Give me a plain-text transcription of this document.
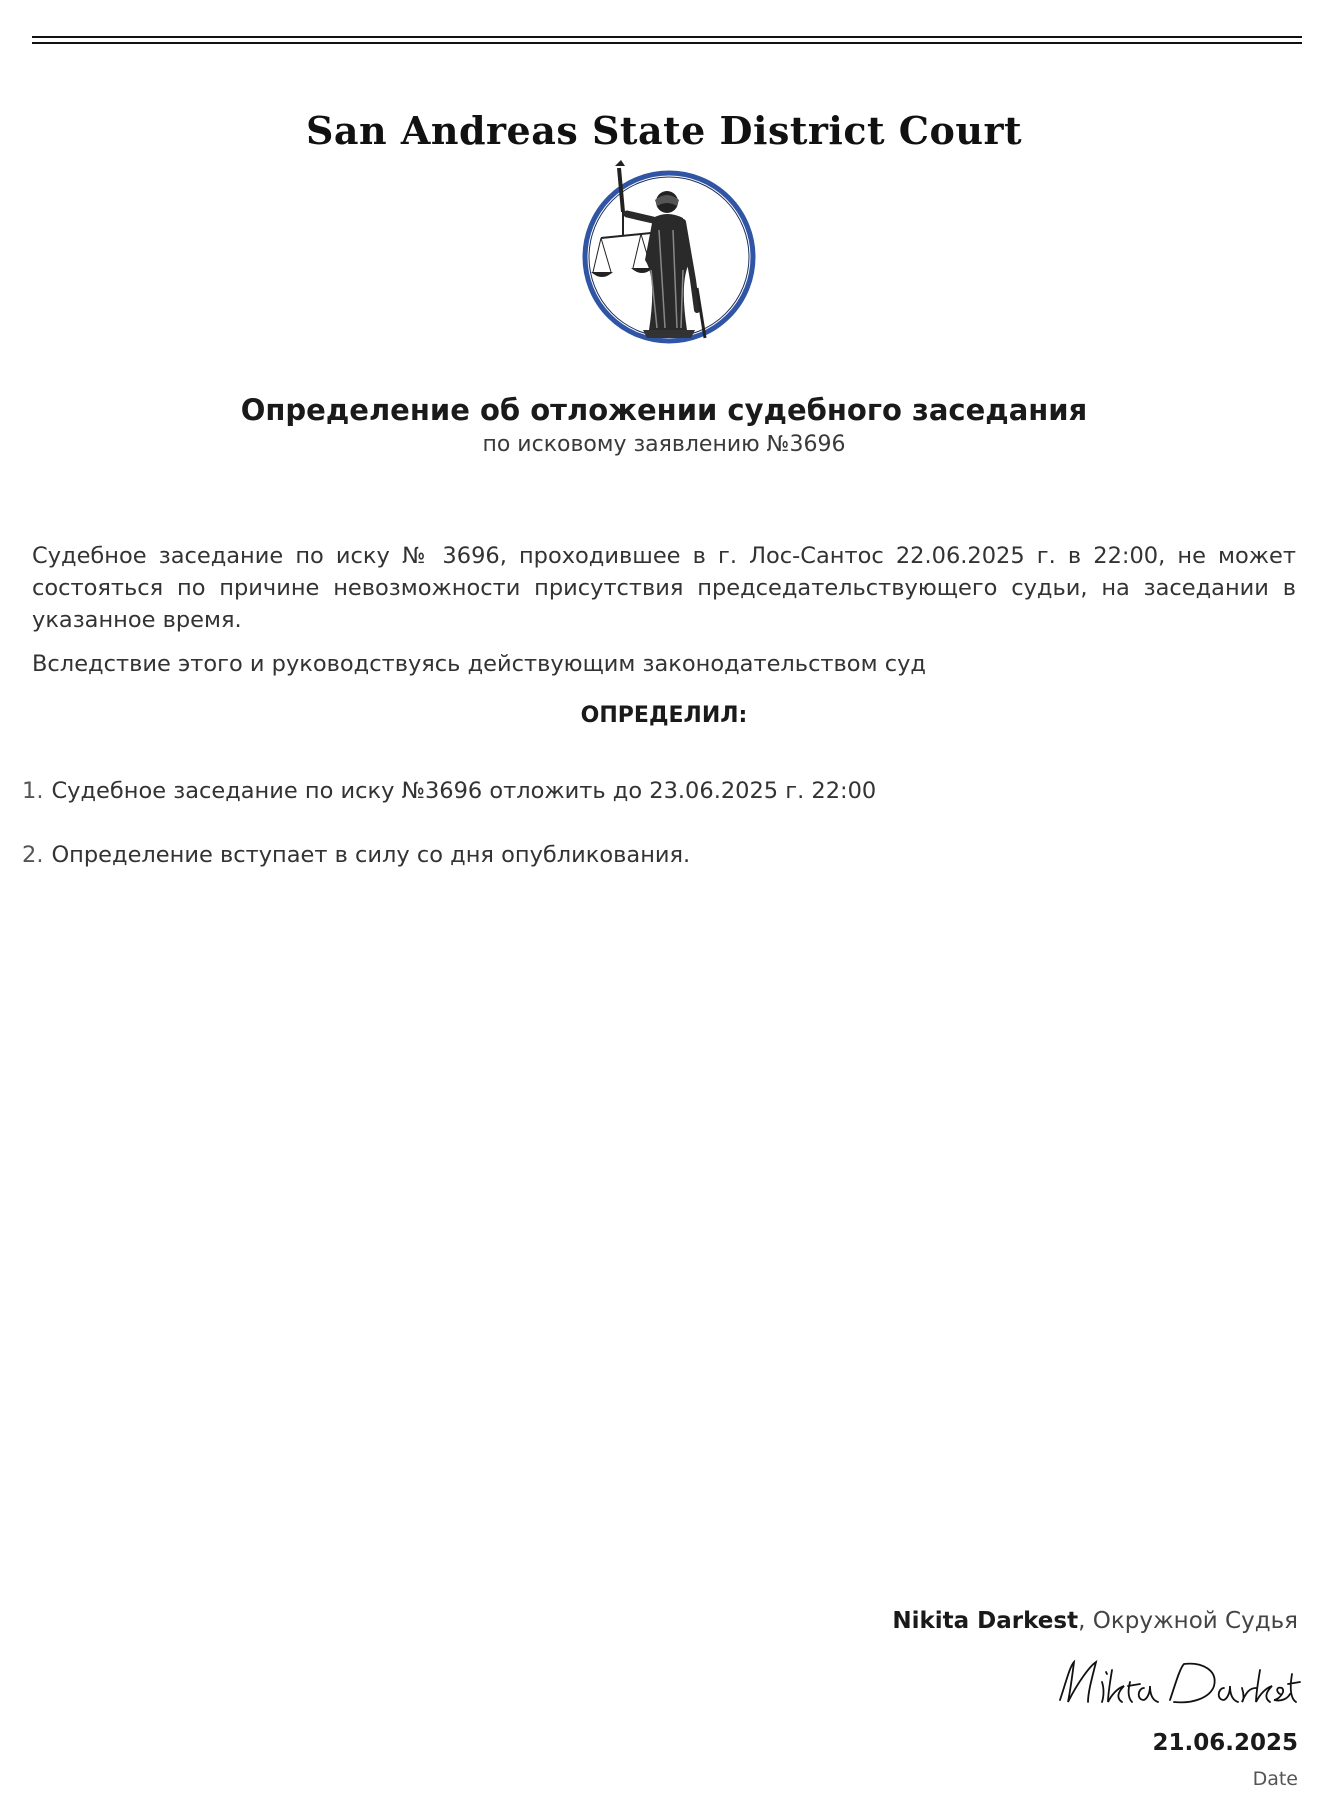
San Andreas State District Court
Определение об отложении судебного заседания
по исковому заявлению №3696
Судебное заседание по иску № 3696, проходившее в г. Лос-Сантос 22.06.2025 г. в 22:00, не может состояться по причине невозможности присутствия председательствующего судьи, на заседании в указанное время.
Вследствие этого и руководствуясь действующим законодательством суд
ОПРЕДЕЛИЛ:
1. Судебное заседание по иску №3696 отложить до 23.06.2025 г. 22:00
2. Определение вступает в силу со дня опубликования.
Nikita Darkest, Окружной Судья
21.06.2025
Date
